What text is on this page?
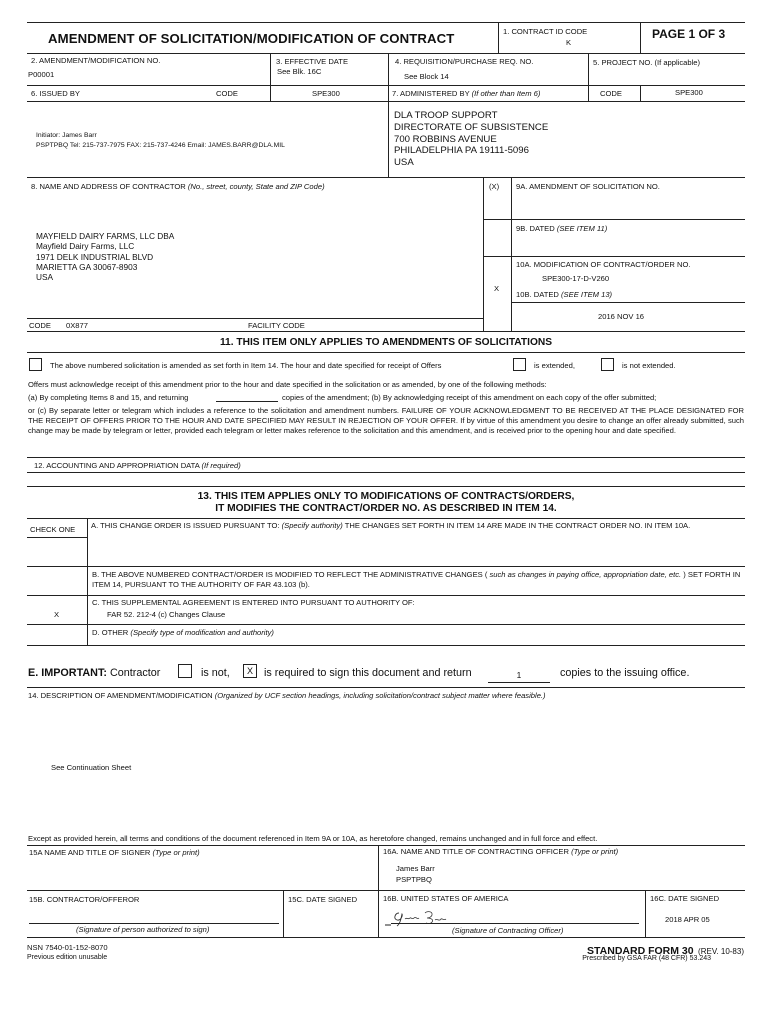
AMENDMENT OF SOLICITATION/MODIFICATION OF CONTRACT	1. CONTRACT ID CODE
K
PAGE 1 OF 3
2. AMENDMENT/MODIFICATION NO.
P00001
3. EFFECTIVE DATE
See Blk. 16C
4. REQUISITION/PURCHASE REQ. NO.
See Block 14
5. PROJECT NO. (If applicable)
6. ISSUED BY	CODE	SPE300	7. ADMINISTERED BY (If other than Item 6)	CODE	SPE300
Initiator: James Barr
PSPTPBQ Tel: 215-737-7975 FAX: 215-737-4246 Email: JAMES.BARR@DLA.MIL
DLA TROOP SUPPORT
DIRECTORATE OF SUBSISTENCE
700 ROBBINS AVENUE
PHILADELPHIA PA 19111-5096
USA
8. NAME AND ADDRESS OF CONTRACTOR (No., street, county, State and ZIP Code)	(X) 9A. AMENDMENT OF SOLICITATION NO.
9B. DATED (SEE ITEM 11)
MAYFIELD DAIRY FARMS, LLC DBA
Mayfield Dairy Farms, LLC
1971 DELK INDUSTRIAL BLVD
MARIETTA GA 30067-8903
USA
10A. MODIFICATION OF CONTRACT/ORDER NO.
SPE300-17-D-V260
X
10B. DATED (SEE ITEM 13)
2016 NOV 16
CODE 0X877	FACILITY CODE
11. THIS ITEM ONLY APPLIES TO AMENDMENTS OF SOLICITATIONS
The above numbered solicitation is amended as set forth in Item 14. The hour and date specified for receipt of Offers	is extended,	is not extended.
Offers must acknowledge receipt of this amendment prior to the hour and date specified in the solicitation or as amended, by one of the following methods:
(a) By completing Items 8 and 15, and returning	copies of the amendment; (b) By acknowledging receipt of this amendment on each copy of the offer submitted;
or (c) By separate letter or telegram which includes a reference to the solicitation and amendment numbers. FAILURE OF YOUR ACKNOWLEDGMENT TO BE RECEIVED AT THE PLACE DESIGNATED FOR THE RECEIPT OF OFFERS PRIOR TO THE HOUR AND DATE SPECIFIED MAY RESULT IN REJECTION OF YOUR OFFER. If by virtue of this amendment you desire to change an offer already submitted, such change may be made by telegram or letter, provided each telegram or letter makes reference to the solicitation and this amendment, and is received prior to the opening hour and date specified.
12. ACCOUNTING AND APPROPRIATION DATA (If required)
13. THIS ITEM APPLIES ONLY TO MODIFICATIONS OF CONTRACTS/ORDERS,
IT MODIFIES THE CONTRACT/ORDER NO. AS DESCRIBED IN ITEM 14.
CHECK ONE A. THIS CHANGE ORDER IS ISSUED PURSUANT TO: (Specify authority) THE CHANGES SET FORTH IN ITEM 14 ARE MADE IN THE CONTRACT ORDER NO. IN ITEM 10A.
B. THE ABOVE NUMBERED CONTRACT/ORDER IS MODIFIED TO REFLECT THE ADMINISTRATIVE CHANGES ( such as changes in paying office, appropriation date, etc. ) SET FORTH IN ITEM 14, PURSUANT TO THE AUTHORITY OF FAR 43.103 (b).
C. THIS SUPPLEMENTAL AGREEMENT IS ENTERED INTO PURSUANT TO AUTHORITY OF:
FAR 52. 212-4 (c) Changes Clause
X
D. OTHER (Specify type of modification and authority)
E. IMPORTANT: Contractor	is not,	X	is required to sign this document and return	1	copies to the issuing office.
14. DESCRIPTION OF AMENDMENT/MODIFICATION (Organized by UCF section headings, including solicitation/contract subject matter where feasible.)
See Continuation Sheet
Except as provided herein, all terms and conditions of the document referenced in Item 9A or 10A, as heretofore changed, remains unchanged and in full force and effect.
15A NAME AND TITLE OF SIGNER (Type or print)	16A. NAME AND TITLE OF CONTRACTING OFFICER (Type or print)
James Barr
PSPTPBQ
15B. CONTRACTOR/OFFEROR	15C. DATE SIGNED	16B. UNITED STATES OF AMERICA	16C. DATE SIGNED
2018 APR 05
(Signature of person authorized to sign)	(Signature of Contracting Officer)
NSN 7540-01-152-8070
Previous edition unusable
STANDARD FORM 30 (REV. 10-83)
Prescribed by GSA FAR (48 CFR) 53.243
